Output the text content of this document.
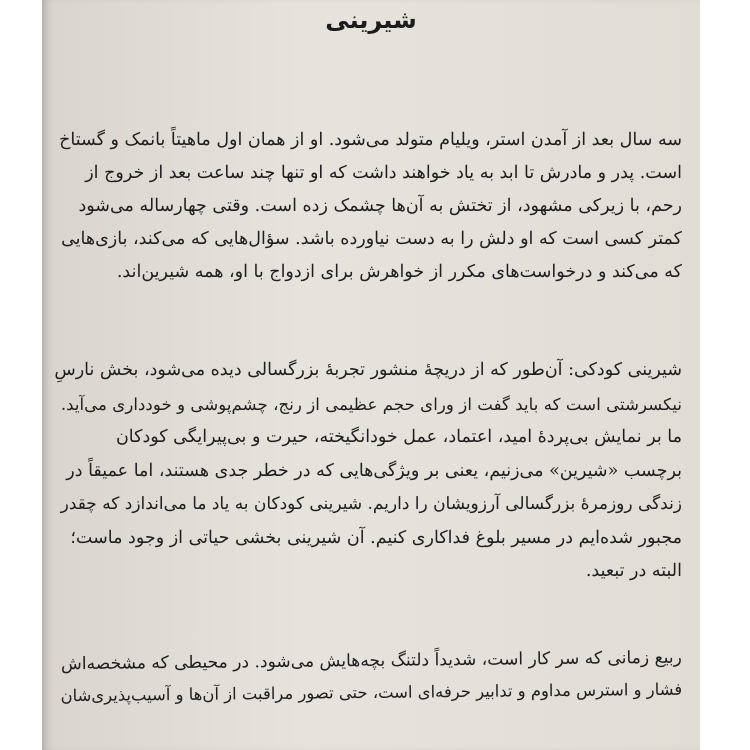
شیرینی
سه سال بعد از آمدن استر، ویلیام متولد می‌شود. او از همان اول ماهیتاً بانمک و گستاخ
است. پدر و مادرش تا ابد به یاد خواهند داشت که او تنها چند ساعت بعد از خروج از
رحم، با زیرکی مشهود، از تختش به آن‌ها چشمک زده است. وقتی چهارساله می‌شود
کمتر کسی است که او دلش را به دست نیاورده باشد. سؤال‌هایی که می‌کند، بازی‌هایی
که می‌کند و درخواست‌های مکرر از خواهرش برای ازدواج با او، همه شیرین‌اند.
شیرینی کودکی: آن‌طور که از دریچهٔ منشور تجربهٔ بزرگسالی دیده می‌شود، بخش نارسِ
نیکسرشتی است که باید گفت از ورای حجم عظیمی از رنج، چشم‌پوشی و خودداری می‌آید.
ما بر نمایش بی‌پردهٔ امید، اعتماد، عمل خودانگیخته، حیرت و بی‌پیرایگی کودکان
برچسب «شیرین» می‌زنیم، یعنی بر ویژگی‌هایی که در خطر جدی هستند، اما عمیقاً در
زندگی روزمرهٔ بزرگسالی آرزویشان را داریم. شیرینی کودکان به یاد ما می‌اندازد که چقدر
مجبور شده‌ایم در مسیر بلوغ فداکاری کنیم. آن شیرینی بخشی حیاتی از وجود ماست؛
البته در تبعید.
ربیع زمانی که سر کار است، شدیداً دلتنگ بچه‌هایش می‌شود. در محیطی که مشخصه‌اش
فشار و استرس مداوم و تدابیر حرفه‌ای است، حتی تصور مراقبت از آن‌ها و آسیب‌پذیری‌شان
